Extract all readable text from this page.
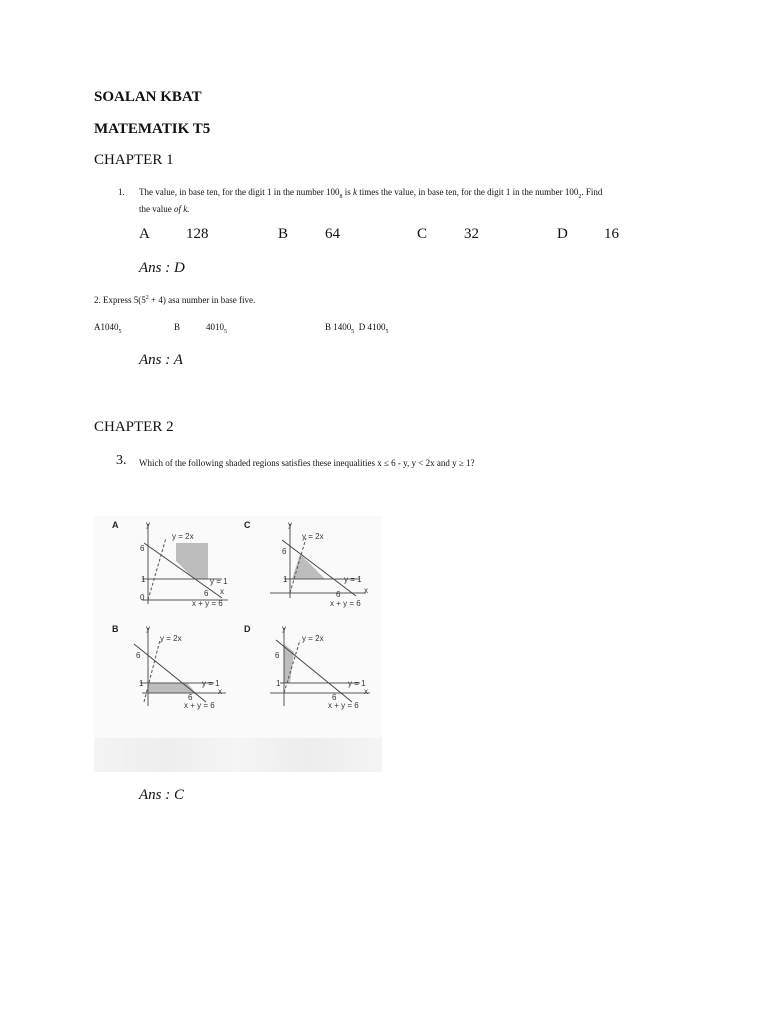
SOALAN KBAT
MATEMATIK T5
CHAPTER 1
1. The value, in base ten, for the digit 1 in the number $100_8$ is k times the value, in base ten, for the digit 1 in the number $100_2$. Find
the value of k.
A 128	B 64	C 32	D 16
Ans : D
2. Express $5(5^2 + 4)$ asa number in base five.
$A1040_5$	B	$4010_5$	B $1400_5$  D $4100_5$
Ans : A
CHAPTER 2
3. Which of the following shaded regions satisfies these inequalities x ≤ 6 - y, y < 2x and y ≥ 1?
A	y
y = 2x
6
1	y = 1
x
0	6
x + y = 6
C	y
y = 2x
6
1	y = 1
x
6
x + y = 6
B	y
y = 2x
6
1	y = 1
x
6
x + y = 6
D	y
y = 2x
6
1	y = 1
x
6
x + y = 6
Ans : C
